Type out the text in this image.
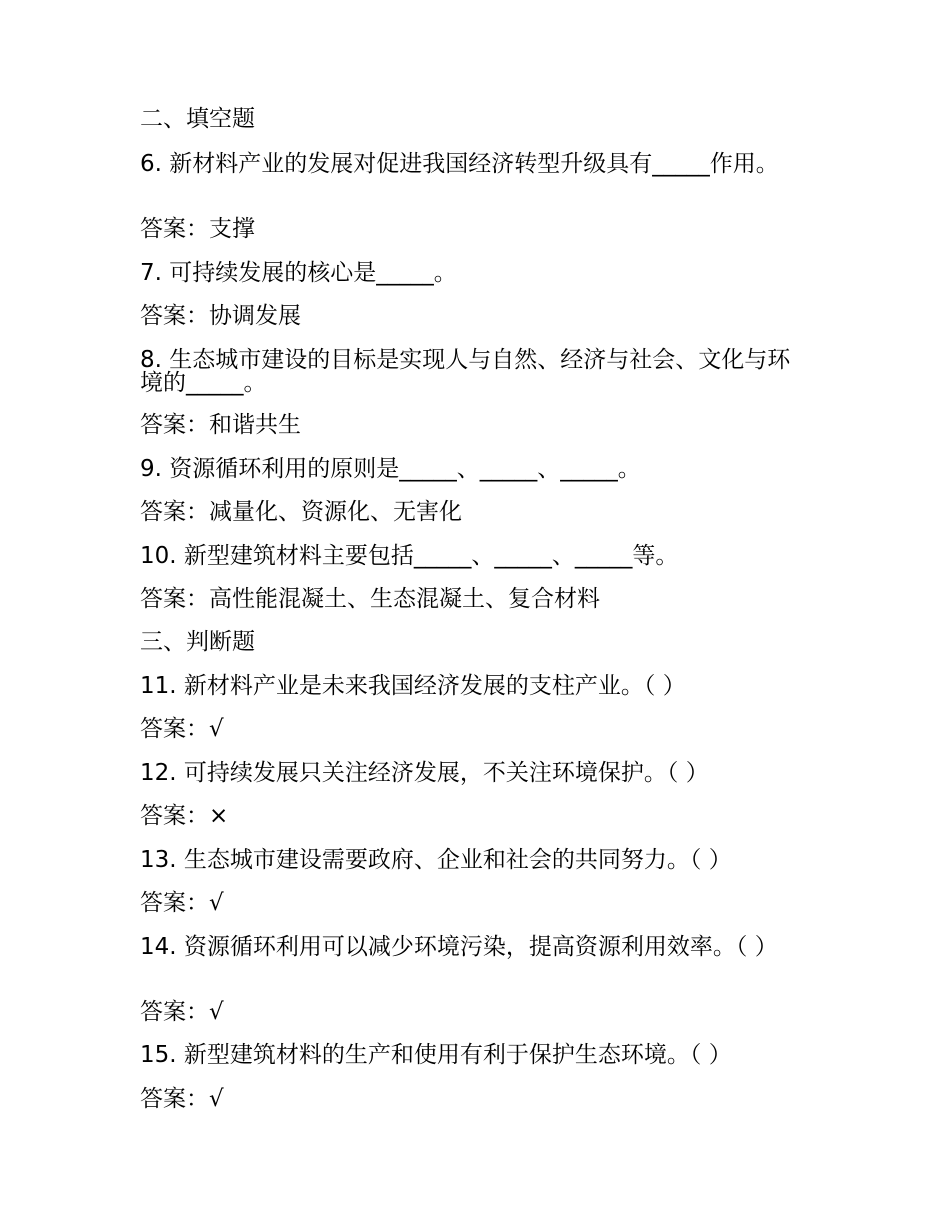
二、填空题
6. 新材料产业的发展对促进我国经济转型升级具有_____作用。
答案：支撑
7. 可持续发展的核心是_____。
答案：协调发展
8. 生态城市建设的目标是实现人与自然、经济与社会、文化与环境的_____。
答案：和谐共生
9. 资源循环利用的原则是_____、_____、_____。
答案：减量化、资源化、无害化
10. 新型建筑材料主要包括_____、_____、_____等。
答案：高性能混凝土、生态混凝土、复合材料
三、判断题
11. 新材料产业是未来我国经济发展的支柱产业。（ ）
答案：√
12. 可持续发展只关注经济发展，不关注环境保护。（ ）
答案：×
13. 生态城市建设需要政府、企业和社会的共同努力。（ ）
答案：√
14. 资源循环利用可以减少环境污染，提高资源利用效率。（ ）
答案：√
15. 新型建筑材料的生产和使用有利于保护生态环境。（ ）
答案：√
